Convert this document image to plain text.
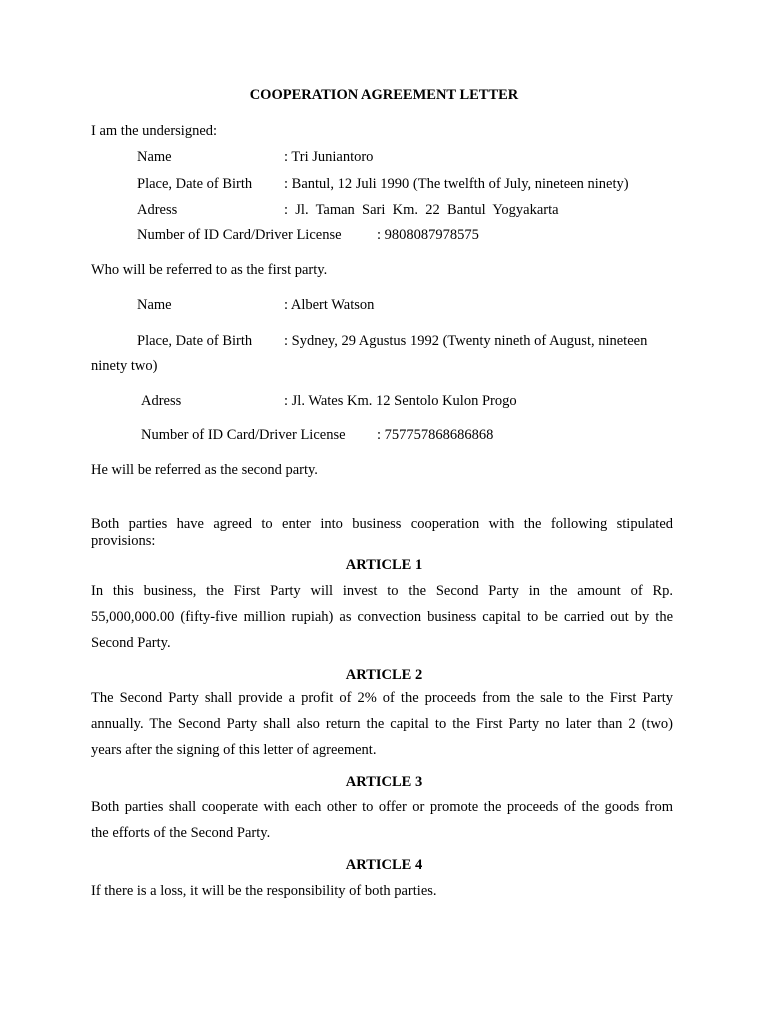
COOPERATION AGREEMENT LETTER
I am the undersigned:
Name	: Tri Juniantoro
Place, Date of Birth : Bantul, 12 Juli 1990 (The twelfth of July, nineteen ninety)
Adress	:  Jl.  Taman  Sari  Km.  22  Bantul  Yogyakarta
Number of ID Card/Driver License : 9808087978575
Who will be referred to as the first party.
Name	: Albert Watson
Place, Date of Birth : Sydney, 29 Agustus 1992 (Twenty nineth of August, nineteen
ninety two)
Adress	: Jl. Wates Km. 12 Sentolo Kulon Progo
Number of ID Card/Driver License : 757757868686868
He will be referred as the second party.
Both parties have agreed to enter into business cooperation with the following stipulated
provisions:
ARTICLE 1
In this business, the First Party will invest to the Second Party in the amount of Rp.
55,000,000.00 (fifty-five million rupiah) as convection business capital to be carried out by the
Second Party.
ARTICLE 2
The Second Party shall provide a profit of 2% of the proceeds from the sale to the First Party
annually. The Second Party shall also return the capital to the First Party no later than 2 (two)
years after the signing of this letter of agreement.
ARTICLE 3
Both parties shall cooperate with each other to offer or promote the proceeds of the goods from
the efforts of the Second Party.
ARTICLE 4
If there is a loss, it will be the responsibility of both parties.
